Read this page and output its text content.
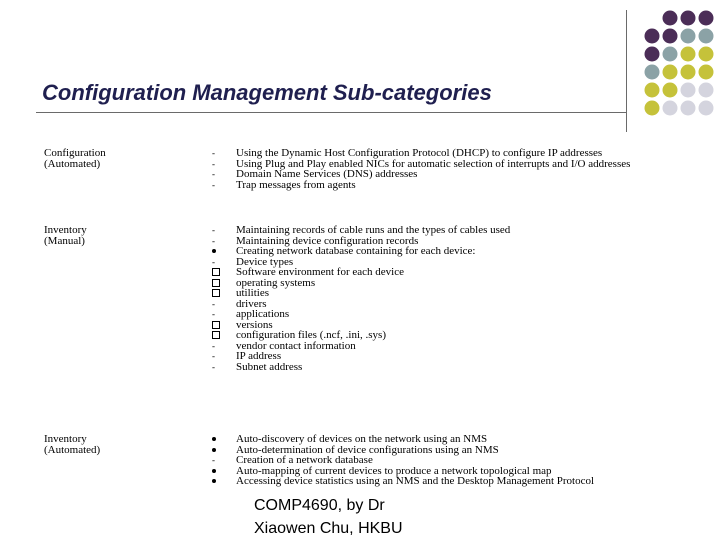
Configuration Management Sub-categories
Configuration
(Automated)
-
-
-
-
Using the Dynamic Host Configuration Protocol (DHCP) to configure IP addresses
Using Plug and Play enabled NICs for automatic selection of interrupts and I/O addresses
Domain Name Services (DNS) addresses
Trap messages from agents
Inventory
(Manual)
-
-
-
-
-
-
-
-
Maintaining records of cable runs and the types of cables used
Maintaining device configuration records
Creating network database containing for each device:
Device types
Software environment for each device
operating systems
utilities
drivers
applications
versions
configuration files (.ncf, .ini, .sys)
vendor contact information
IP address
Subnet address
Inventory
(Automated)
-
Auto-discovery of devices on the network using an NMS
Auto-determination of device configurations using an NMS
Creation of a network database
Auto-mapping of current devices to produce a network topological map
Accessing device statistics using an NMS and the Desktop Management Protocol
COMP4690, by Dr
Xiaowen Chu, HKBU
